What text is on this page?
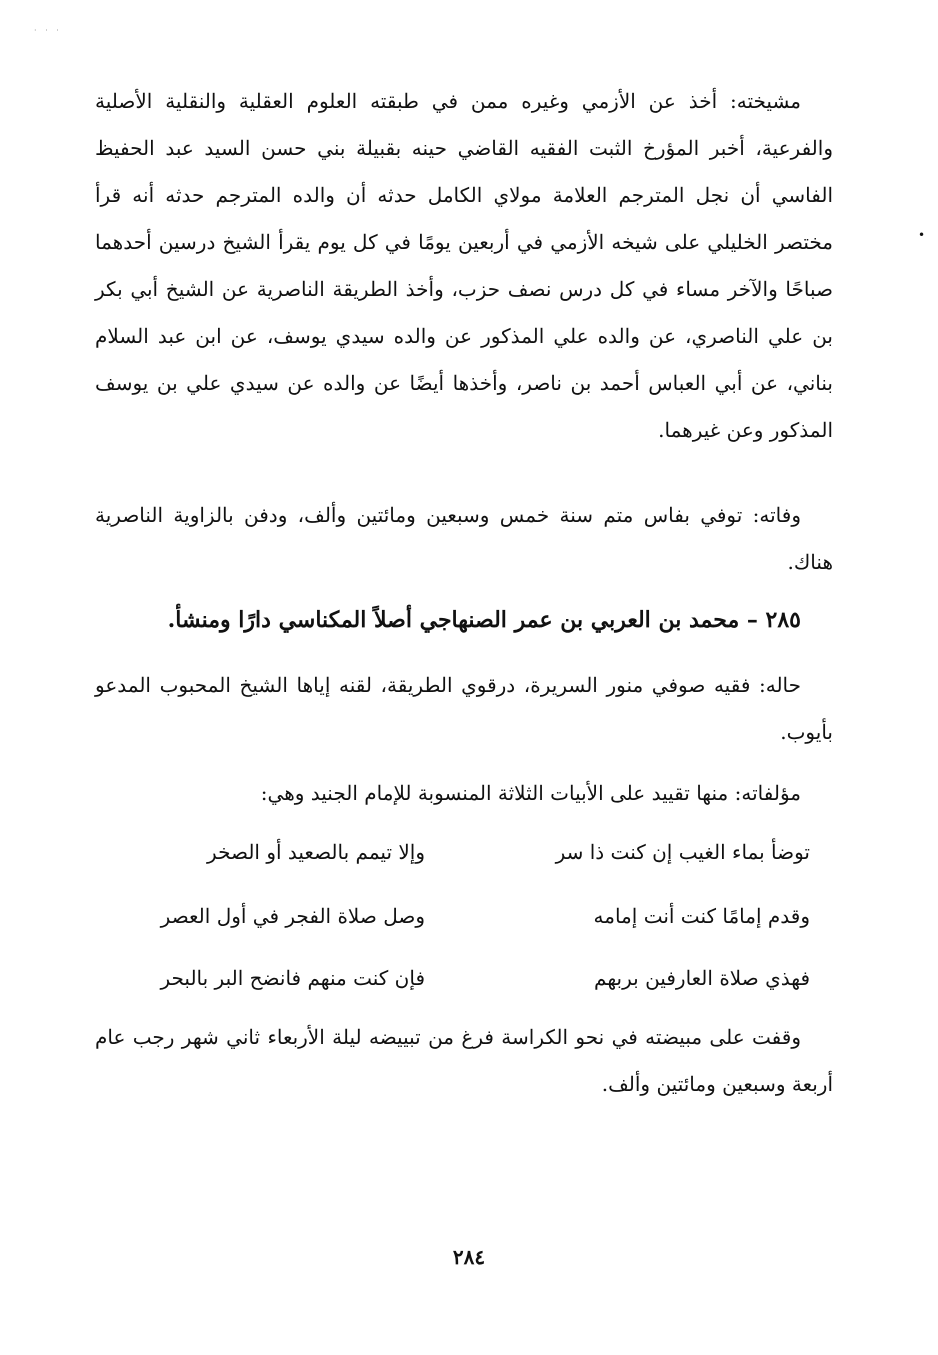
· · ·
•

مشيخته: أخذ عن الأزمي وغيره ممن في طبقته العلوم العقلية والنقلية الأصلية والفرعية، أخبر المؤرخ الثبت الفقيه القاضي حينه بقبيلة بني حسن السيد عبد الحفيظ الفاسي أن نجل المترجم العلامة مولاي الكامل حدثه أن والده المترجم حدثه أنه قرأ مختصر الخليلي على شيخه الأزمي في أربعين يومًا في كل يوم يقرأ الشيخ درسين أحدهما صباحًا والآخر مساء في كل درس نصف حزب، وأخذ الطريقة الناصرية عن الشيخ أبي بكر بن علي الناصري، عن والده علي المذكور عن والده سيدي يوسف، عن ابن عبد السلام بناني، عن أبي العباس أحمد بن ناصر، وأخذها أيضًا عن والده عن سيدي علي بن يوسف المذكور وعن غيرهما.

وفاته: توفي بفاس متم سنة خمس وسبعين ومائتين وألف، ودفن بالزاوية الناصرية هناك.

٢٨٥ – محمد بن العربي بن عمر الصنهاجي أصلاً المكناسي دارًا ومنشأ.

حاله: فقيه صوفي منور السريرة، درقوي الطريقة، لقنه إياها الشيخ المحبوب المدعو بأيوب.

مؤلفاته: منها تقييد على الأبيات الثلاثة المنسوبة للإمام الجنيد وهي:

توضأ بماء الغيب إن كنت ذا سر
وإلا تيمم بالصعيد أو الصخر
وقدم إمامًا كنت أنت إمامه
وصل صلاة الفجر في أول العصر
فهذي صلاة العارفين بربهم
فإن كنت منهم فانضح البر بالبحر

وقفت على مبيضته في نحو الكراسة فرغ من تبييضه ليلة الأربعاء ثاني شهر رجب عام أربعة وسبعين ومائتين وألف.

٢٨٤
